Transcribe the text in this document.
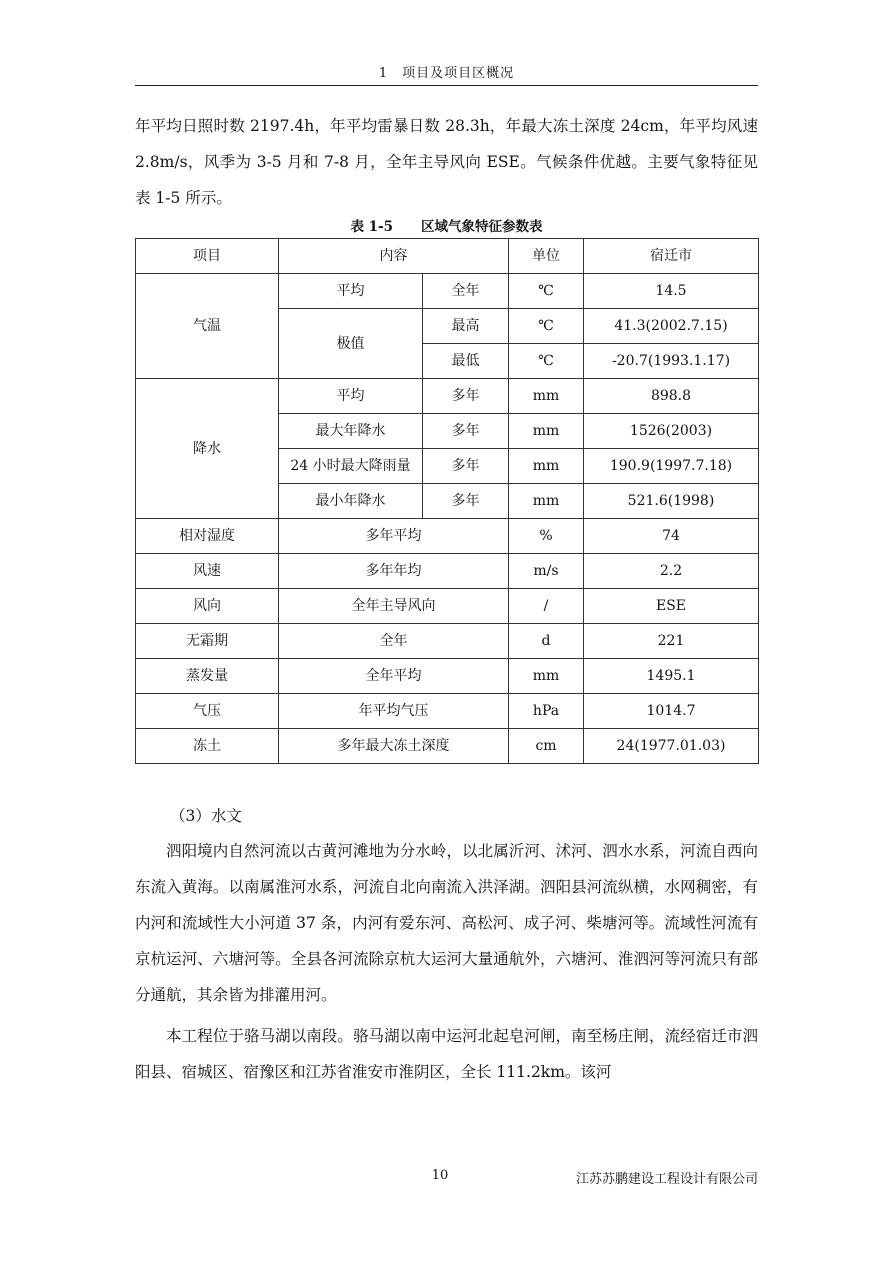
1　项目及项目区概况
年平均日照时数 2197.4h，年平均雷暴日数 28.3h，年最大冻土深度 24cm，年平均风速 2.8m/s，风季为 3-5 月和 7-8 月，全年主导风向 ESE。气候条件优越。主要气象特征见表 1-5 所示。
表 1-5 区域气象特征参数表
项目	内容		单位	宿迁市
气温	平均	全年	℃	14.5
	极值	最高	℃	41.3(2002.7.15)
		最低	℃	-20.7(1993.1.17)
降水	平均	多年	mm	898.8
	最大年降水	多年	mm	1526(2003)
	24 小时最大降雨量	多年	mm	190.9(1997.7.18)
	最小年降水	多年	mm	521.6(1998)
相对湿度	多年平均		%	74
风速	多年年均		m/s	2.2
风向	全年主导风向		/	ESE
无霜期	全年		d	221
蒸发量	全年平均		mm	1495.1
气压	年平均气压		hPa	1014.7
冻土	多年最大冻土深度		cm	24(1977.01.03)
（3）水文
泗阳境内自然河流以古黄河滩地为分水岭，以北属沂河、沭河、泗水水系，河流自西向东流入黄海。以南属淮河水系，河流自北向南流入洪泽湖。泗阳县河流纵横，水网稠密，有内河和流域性大小河道 37 条，内河有爱东河、高松河、成子河、柴塘河等。流域性河流有京杭运河、六塘河等。全县各河流除京杭大运河大量通航外，六塘河、淮泗河等河流只有部分通航，其余皆为排灌用河。
本工程位于骆马湖以南段。骆马湖以南中运河北起皂河闸，南至杨庄闸，流经宿迁市泗阳县、宿城区、宿豫区和江苏省淮安市淮阴区，全长 111.2km。该河
10	江苏苏鹏建设工程设计有限公司
